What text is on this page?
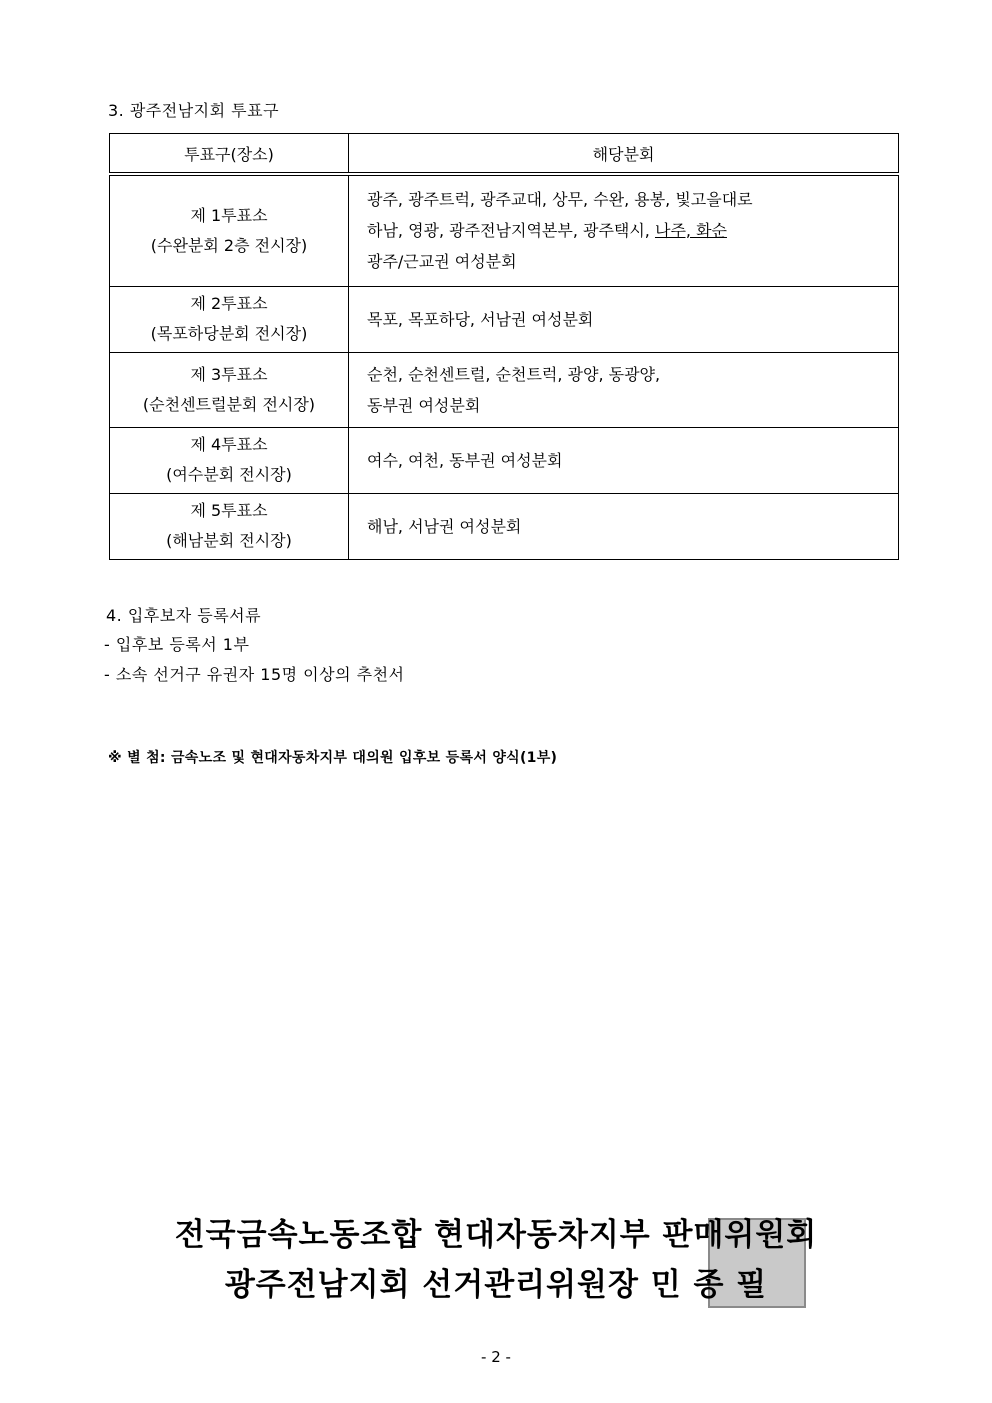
3. 광주전남지회 투표구
투표구(장소)	해당분회

제 1투표소
(수완분회 2층 전시장)	광주, 광주트럭, 광주교대, 상무, 수완, 용봉, 빛고을대로
하남, 영광, 광주전남지역본부, 광주택시, 나주, 화순
광주/근교권 여성분회

제 2투표소
(목포하당분회 전시장)	목포, 목포하당, 서남권 여성분회

제 3투표소
(순천센트럴분회 전시장)	순천, 순천센트럴, 순천트럭, 광양, 동광양,
동부권 여성분회

제 4투표소
(여수분회 전시장)	여수, 여천, 동부권 여성분회

제 5투표소
(해남분회 전시장)	해남, 서남권 여성분회
4. 입후보자 등록서류
- 입후보 등록서 1부
- 소속 선거구 유권자 15명 이상의 추천서
※ 별 첨: 금속노조 및 현대자동차지부 대의원 입후보 등록서 양식(1부)
전국금속노동조합 현대자동차지부 판매위원회
광주전남지회 선거관리위원장 민 종 필
- 2 -
